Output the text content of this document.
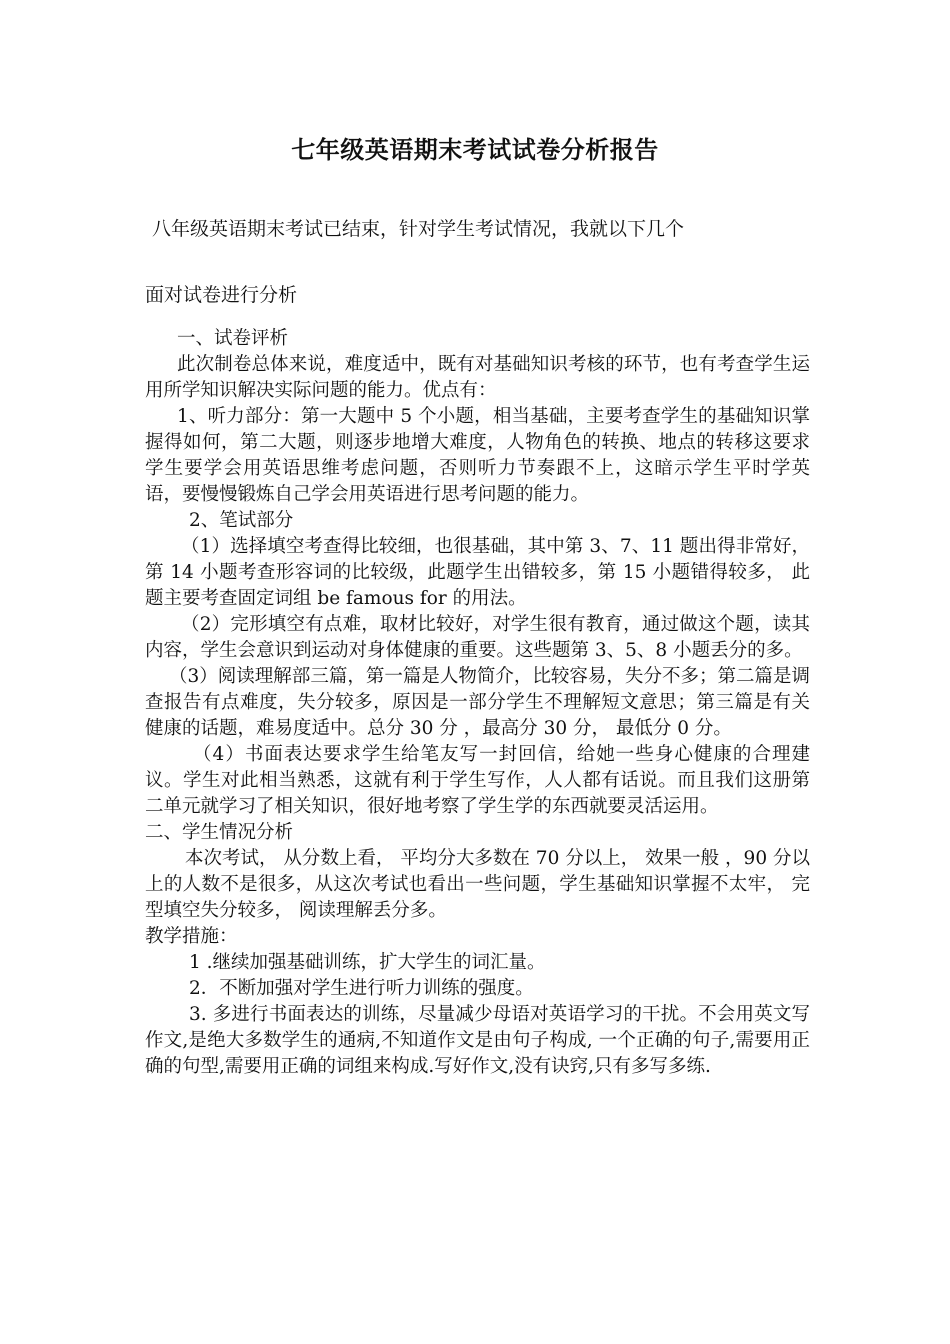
七年级英语期末考试试卷分析报告

八年级英语期末考试已结束，针对学生考试情况，我就以下几个

面对试卷进行分析

一、试卷评析

此次制卷总体来说，难度适中，既有对基础知识考核的环节，也有考查学生运用所学知识解决实际问题的能力。优点有：

1、听力部分：第一大题中 5 个小题，相当基础，主要考查学生的基础知识掌握得如何，第二大题，则逐步地增大难度，人物角色的转换、地点的转移这要求学生要学会用英语思维考虑问题，否则听力节奏跟不上，这暗示学生平时学英语，要慢慢锻炼自己学会用英语进行思考问题的能力。

2、笔试部分

（1）选择填空考查得比较细，也很基础，其中第 3、7、11 题出得非常好，第 14 小题考查形容词的比较级，此题学生出错较多，第 15 小题错得较多， 此题主要考查固定词组 be famous for 的用法。

（2）完形填空有点难，取材比较好，对学生很有教育，通过做这个题，读其内容，学生会意识到运动对身体健康的重要。这些题第 3、5、8 小题丢分的多。

（3）阅读理解部三篇，第一篇是人物简介，比较容易，失分不多；第二篇是调查报告有点难度，失分较多，原因是一部分学生不理解短文意思；第三篇是有关健康的话题，难易度适中。总分 30 分 ，最高分 30 分， 最低分 0 分。

（4）书面表达要求学生给笔友写一封回信，给她一些身心健康的合理建议。学生对此相当熟悉，这就有利于学生写作，人人都有话说。而且我们这册第二单元就学习了相关知识，很好地考察了学生学的东西就要灵活运用。

二、学生情况分析

本次考试， 从分数上看， 平均分大多数在 70 分以上， 效果一般 ，90 分以上的人数不是很多，从这次考试也看出一些问题，学生基础知识掌握不太牢， 完型填空失分较多， 阅读理解丢分多。

教学措施：

1 .继续加强基础训练，扩大学生的词汇量。

2．不断加强对学生进行听力训练的强度。

3. 多进行书面表达的训练，尽量减少母语对英语学习的干扰。不会用英文写作文,是绝大多数学生的通病,不知道作文是由句子构成, 一个正确的句子,需要用正确的句型,需要用正确的词组来构成.写好作文,没有诀窍,只有多写多练.
